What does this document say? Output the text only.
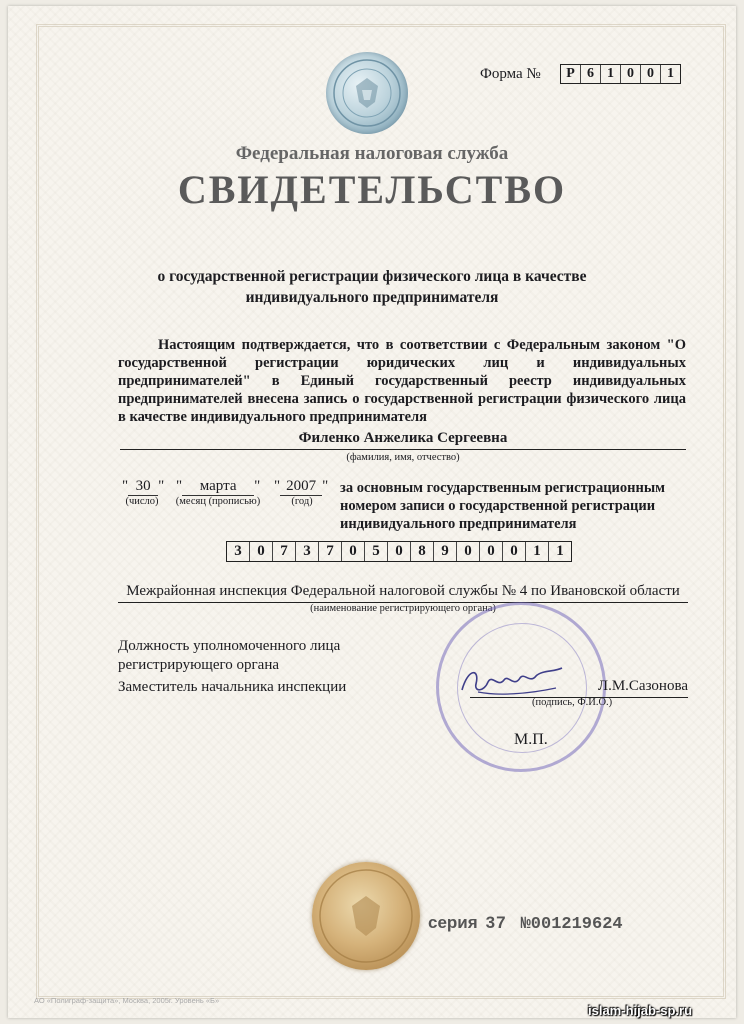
Форма №	Р 6 1 0 0 1
Федеральная налоговая служба
СВИДЕТЕЛЬСТВО
о государственной регистрации физического лица в качестве
индивидуального предпринимателя
Настоящим подтверждается, что в соответствии с Федеральным законом "О государственной регистрации юридических лиц и индивидуальных предпринимателей" в Единый государственный реестр индивидуальных предпринимателей внесена запись о государственной регистрации физического лица в качестве индивидуального предпринимателя
Филенко Анжелика Сергеевна
(фамилия, имя, отчество)
" 30 " " марта " " 2007 "
(число)	(месяц (прописью)	(год)
за основным государственным регистрационным номером записи о государственной регистрации индивидуального предпринимателя
3	0	7	3	7	0	5	0	8	9	0	0	0	1	1
Межрайонная инспекция Федеральной налоговой службы № 4 по Ивановской области
(наименование регистрирующего органа)
Должность уполномоченного лица
регистрирующего органа
Заместитель начальника инспекции	Л.М.Сазонова
(подпись, Ф.И.О.)
М.П.
серия 37 №001219624
АО «Полиграф-защита», Москва, 2005г. Уровень «Б»
islam-hijab-sp.ru
